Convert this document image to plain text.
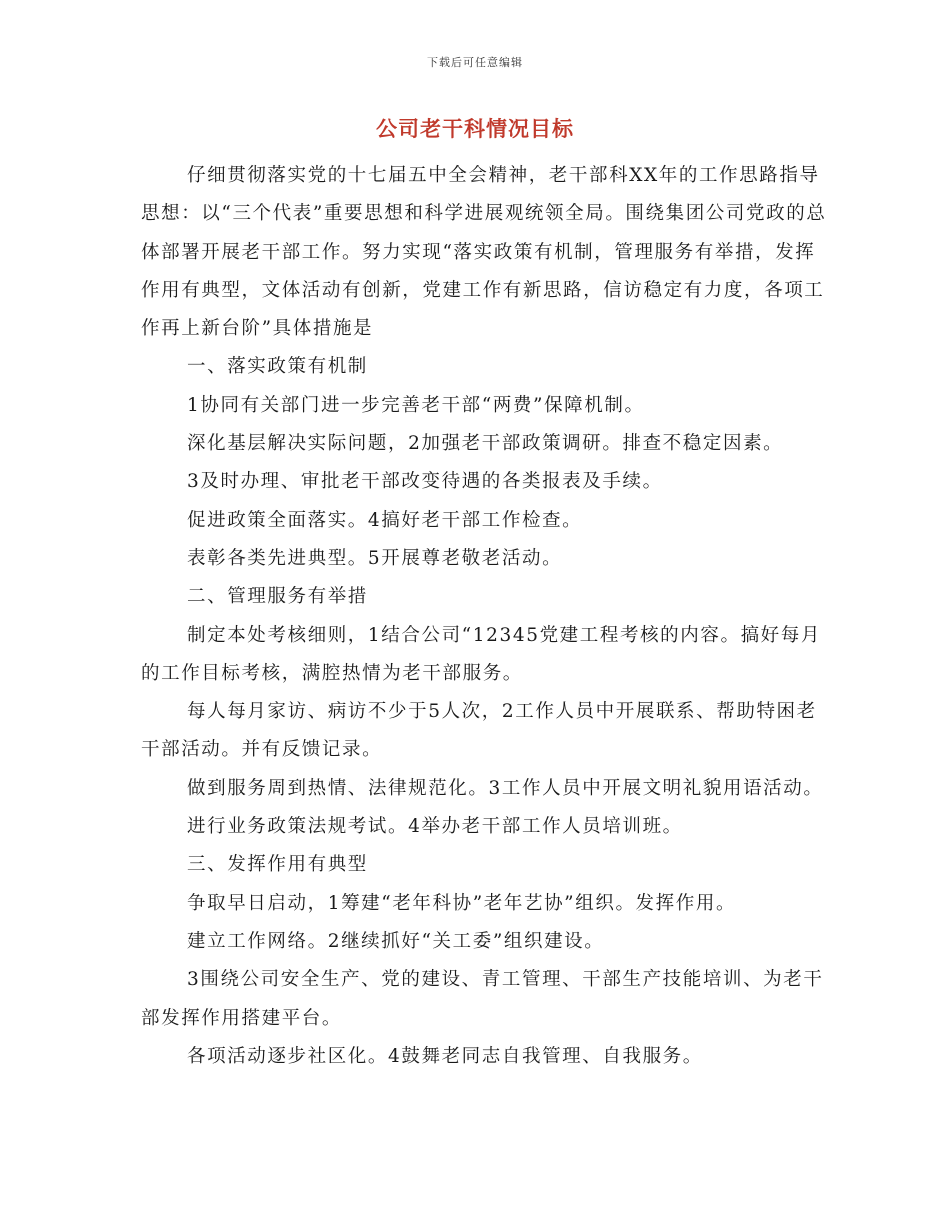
下载后可任意编辑
公司老干科情况目标

仔细贯彻落实党的十七届五中全会精神，老干部科XX年的工作思路指导思想：以“三个代表”重要思想和科学进展观统领全局。围绕集团公司党政的总体部署开展老干部工作。努力实现“落实政策有机制，管理服务有举措，发挥作用有典型，文体活动有创新，党建工作有新思路，信访稳定有力度，各项工作再上新台阶”具体措施是

一、落实政策有机制

1协同有关部门进一步完善老干部“两费”保障机制。

深化基层解决实际问题，2加强老干部政策调研。排查不稳定因素。

3及时办理、审批老干部改变待遇的各类报表及手续。

促进政策全面落实。4搞好老干部工作检查。

表彰各类先进典型。5开展尊老敬老活动。

二、管理服务有举措

制定本处考核细则，1结合公司“12345党建工程考核的内容。搞好每月的工作目标考核，满腔热情为老干部服务。

每人每月家访、病访不少于5人次，2工作人员中开展联系、帮助特困老干部活动。并有反馈记录。

做到服务周到热情、法律规范化。3工作人员中开展文明礼貌用语活动。

进行业务政策法规考试。4举办老干部工作人员培训班。

三、发挥作用有典型

争取早日启动，1筹建“老年科协”老年艺协”组织。发挥作用。

建立工作网络。2继续抓好“关工委”组织建设。

3围绕公司安全生产、党的建设、青工管理、干部生产技能培训、为老干部发挥作用搭建平台。

各项活动逐步社区化。4鼓舞老同志自我管理、自我服务。
